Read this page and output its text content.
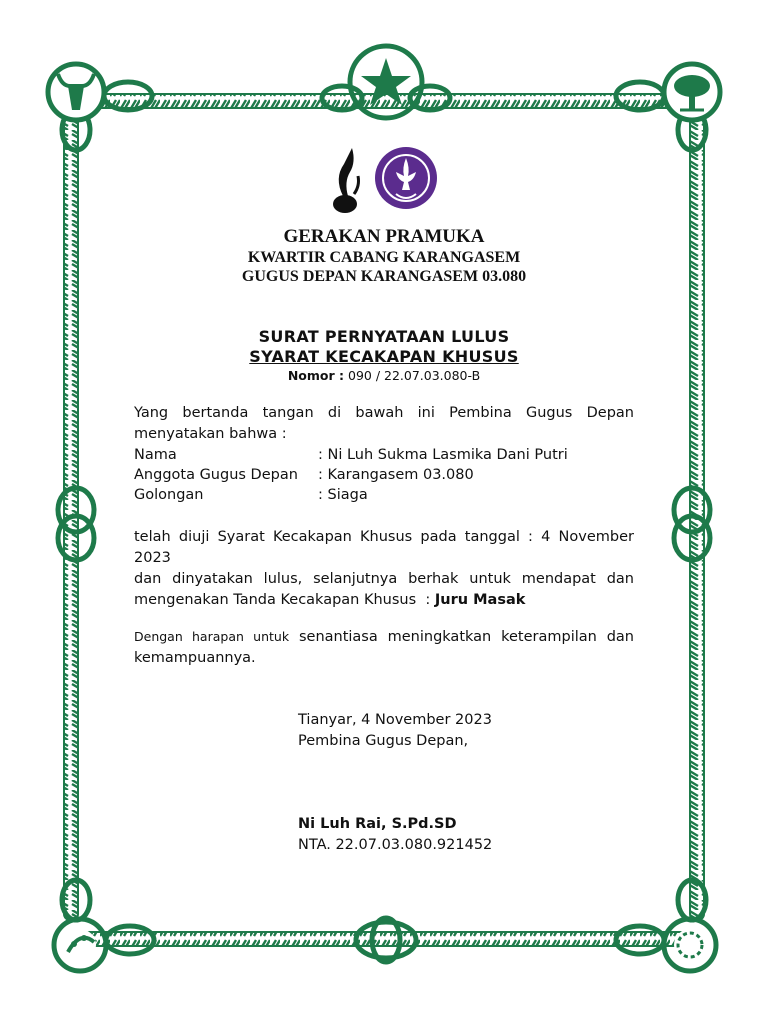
GERAKAN PRAMUKA
KWARTIR CABANG KARANGASEM
GUGUS DEPAN KARANGASEM 03.080
SURAT PERNYATAAN LULUS
SYARAT KECAKAPAN KHUSUS
Nomor : 090 / 22.07.03.080-B
Yang bertanda tangan di bawah ini Pembina Gugus Depan
menyatakan bahwa :
Nama	: Ni Luh Sukma Lasmika Dani Putri
Anggota Gugus Depan : Karangasem 03.080
Golongan	: Siaga
telah diuji Syarat Kecakapan Khusus pada tanggal : 4 November
2023
dan dinyatakan lulus, selanjutnya berhak untuk mendapat dan
mengenakan Tanda Kecakapan Khusus  : Juru Masak
Dengan harapan untuk senantiasa meningkatkan keterampilan dan
kemampuannya.
Tianyar, 4 November 2023
Pembina Gugus Depan,
Ni Luh Rai, S.Pd.SD
NTA. 22.07.03.080.921452
